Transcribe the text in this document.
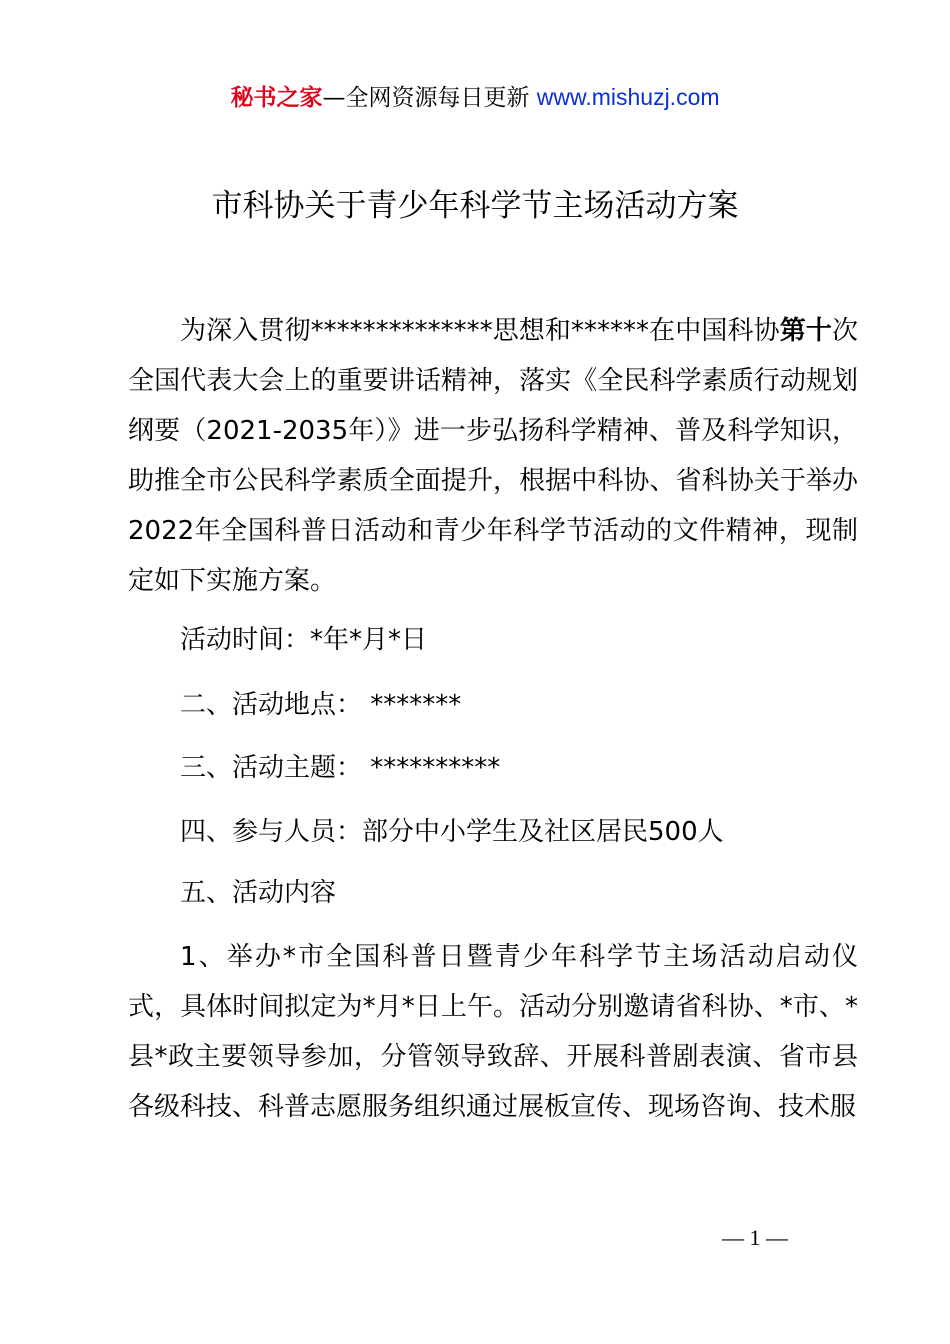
秘书之家—全网资源每日更新 www.mishuzj.com
市科协关于青少年科学节主场活动方案

为深入贯彻**************思想和******在中国科协第十次全国代表大会上的重要讲话精神，落实《全民科学素质行动规划纲要（2021-2035年）》进一步弘扬科学精神、普及科学知识，助推全市公民科学素质全面提升，根据中科协、省科协关于举办2022年全国科普日活动和青少年科学节活动的文件精神，现制定如下实施方案。

活动时间：*年*月*日

二、活动地点： *******

三、活动主题： **********

四、参与人员：部分中小学生及社区居民500人

五、活动内容

1、举办*市全国科普日暨青少年科学节主场活动启动仪式，具体时间拟定为*月*日上午。活动分别邀请省科协、*市、*县*政主要领导参加，分管领导致辞、开展科普剧表演、省市县各级科技、科普志愿服务组织通过展板宣传、现场咨询、技术服

— 1 —
